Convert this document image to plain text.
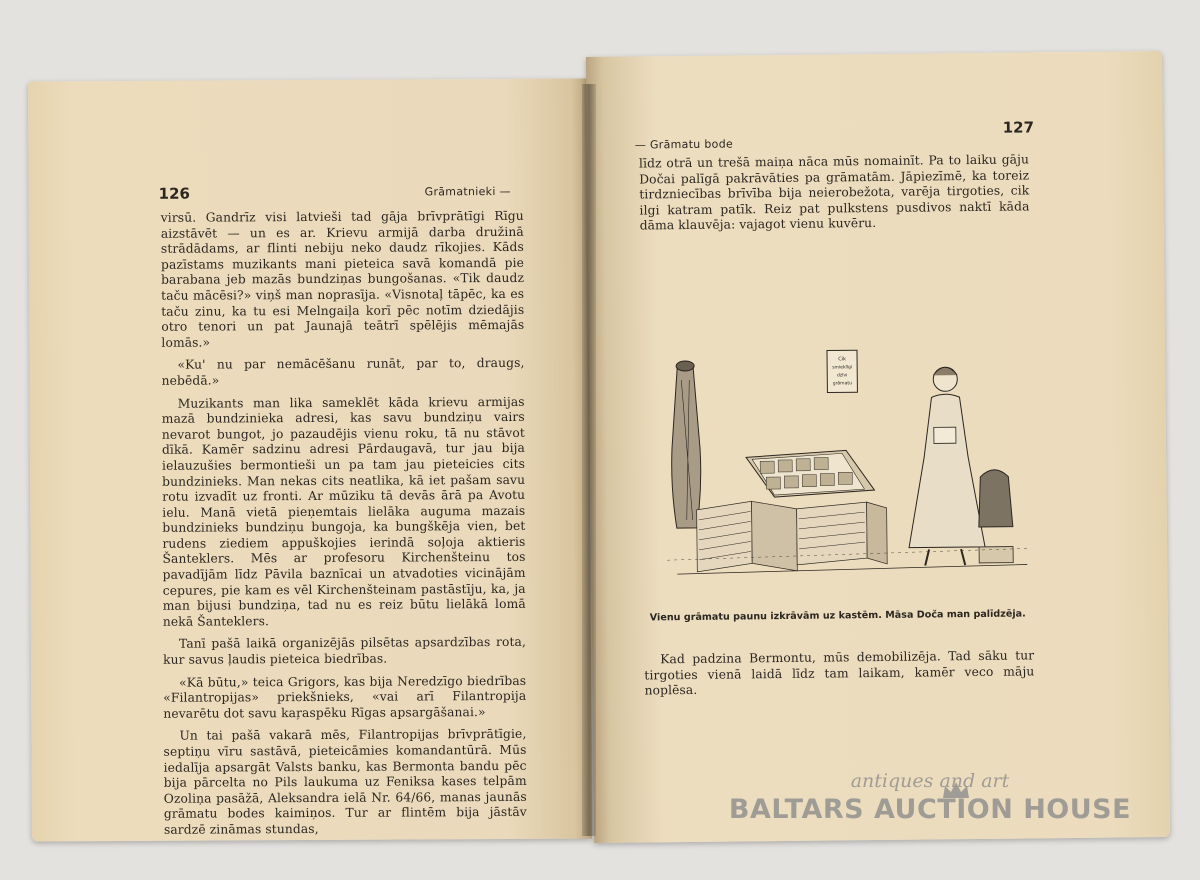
126	Grāmatnieki —

virsū. Gandrīz visi latvieši tad gāja brīvprātīgi Rīgu aizstāvēt — un es ar. Krievu armijā darba družinā strādādams, ar flinti nebiju neko daudz rīkojies. Kāds pazīstams muzikants mani pieteica savā komandā pie barabana jeb mazās bundziņas bungošanas. «Tik daudz taču mācēsi?» viņš man noprasīja. «Visnotaļ tāpēc, ka es taču zinu, ka tu esi Melngaiļa korī pēc notīm dziedājis otro tenori un pat Jaunajā teātrī spēlējis mēmajās lomās.»

«Ku' nu par nemācēšanu runāt, par to, draugs, nebēdā.»

Muzikants man lika sameklēt kāda krievu armijas mazā bundzinieka adresi, kas savu bundziņu vairs nevarot bungot, jo pazaudējis vienu roku, tā nu stāvot dīkā. Kamēr sadzinu adresi Pārdaugavā, tur jau bija ielauzušies bermontieši un pa tam jau pieteicies cits bundzinieks. Man nekas cits neatlika, kā iet pašam savu rotu izvadīt uz fronti. Ar mūziku tā devās ārā pa Avotu ielu. Manā vietā pieņemtais lielāka auguma mazais bundzinieks bundziņu bungoja, ka bungškēja vien, bet rudens ziediem appuškojies ierindā soļoja aktieris Šanteklers. Mēs ar profesoru Kirchenšteinu tos pavadījām līdz Pāvila baznīcai un atvadoties vicinājām cepures, pie kam es vēl Kirchenšteinam pastāstīju, ka, ja man bijusi bundziņa, tad nu es reiz būtu lielākā lomā nekā Šanteklers.

Tanī pašā laikā organizējās pilsētas apsardzības rota, kur savus ļaudis pieteica biedrības.

«Kā būtu,» teica Grigors, kas bija Neredzīgo biedrības «Filantropijas» priekšnieks, «vai arī Filantropija nevarētu dot savu kaŗaspēku Rīgas apsargāšanai.»

Un tai pašā vakarā mēs, Filantropijas brīvprātīgie, septiņu vīru sastāvā, pieteicāmies komandantūrā. Mūs iedalīja apsargāt Valsts banku, kas Bermonta bandu pēc bija pārcelta no Pils laukuma uz Feniksa kases telpām Ozoliņa pasāžā, Aleksandra ielā Nr. 64/66, manas jaunās grāmatu bodes kaimiņos. Tur ar flintēm bija jāstāv sardzē zināmas stundas,

— Grāmatu bode
127

līdz otrā un trešā maiņa nāca mūs nomainīt. Pa to laiku gāju Dočai palīgā pakrāvāties pa grāmatām. Jāpiezīmē, ka toreiz tirdzniecības brīvība bija neierobežota, varēja tirgoties, cik ilgi katram patīk. Reiz pat pulkstens pusdivos naktī kāda dāma klauvēja: vajagot vienu kuvēru.

Cik
smieklīgi
dzīvi
grāmatu
Vienu grāmatu paunu izkrāvām uz kastēm. Māsa Doča man palīdzēja.

Kad padzina Bermontu, mūs demobilizēja. Tad sāku tur tirgoties vienā laidā līdz tam laikam, kamēr veco māju noplēsa.

antiques and art
BALTARS AUCTION HOUSE
